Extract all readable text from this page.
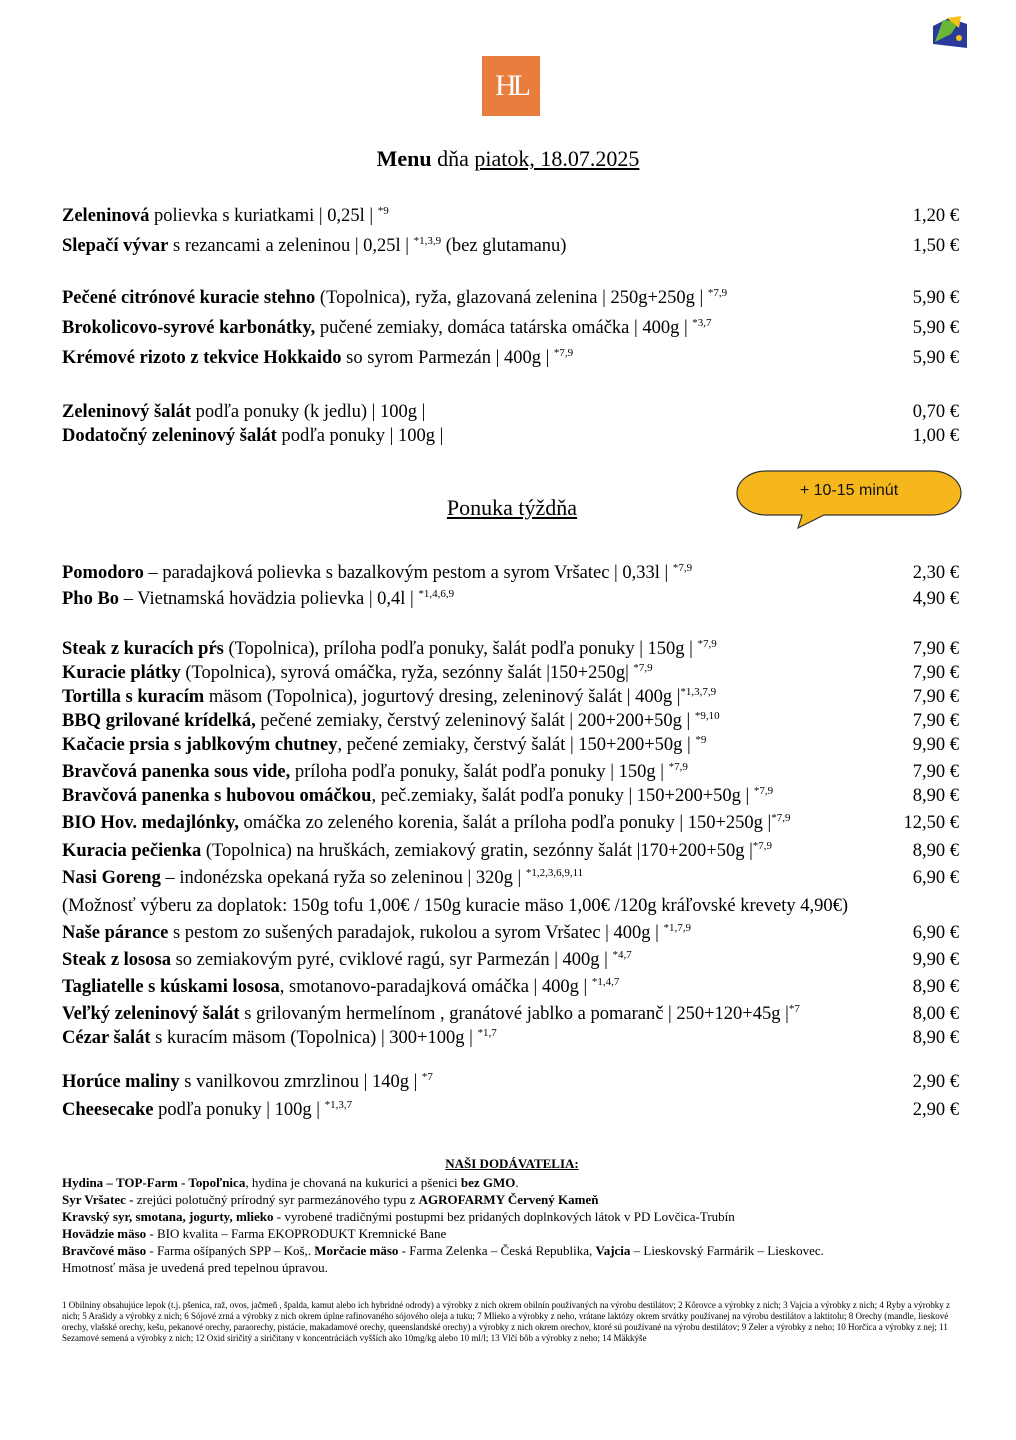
HL
Menu dňa piatok, 18.07.2025
Zeleninová polievka s kuriatkami | 0,25l | $^{*9}$	1,20 €
Slepačí vývar s rezancami a zeleninou | 0,25l | $^{*1,3,9}$ (bez glutamanu)	1,50 €
Pečené citrónové kuracie stehno (Topolnica), ryža, glazovaná zelenina | 250g+250g | $^{*7,9}$	5,90 €
Brokolicovo-syrové karbonátky, pučené zemiaky, domáca tatárska omáčka | 400g | $^{*3,7}$	5,90 €
Krémové rizoto z tekvice Hokkaido so syrom Parmezán | 400g | $^{*7,9}$	5,90 €
Zeleninový šalát podľa ponuky (k jedlu) | 100g |	0,70 €
Dodatočný zeleninový šalát podľa ponuky | 100g |	1,00 €
Pomodoro – paradajková polievka s bazalkovým pestom a syrom Vršatec | 0,33l | $^{*7,9}$	2,30 €
Pho Bo – Vietnamská hovädzia polievka | 0,4l | $^{*1,4,6,9}$	4,90 €
Steak z kuracích pŕs (Topolnica), príloha podľa ponuky, šalát podľa ponuky | 150g | $^{*7,9}$	7,90 €
Kuracie plátky (Topolnica), syrová omáčka, ryža, sezónny šalát |150+250g| $^{*7,9}$	7,90 €
Tortilla s kuracím mäsom (Topolnica), jogurtový dresing, zeleninový šalát | 400g $|^{*1,3,7,9}$	7,90 €
BBQ grilované krídelká, pečené zemiaky, čerstvý zeleninový šalát | 200+200+50g | $^{*9,10}$	7,90 €
Kačacie prsia s jablkovým chutney, pečené zemiaky, čerstvý šalát | 150+200+50g | $^{*9}$	9,90 €
Bravčová panenka sous vide, príloha podľa ponuky, šalát podľa ponuky | 150g | $^{*7,9}$	7,90 €
Bravčová panenka s hubovou omáčkou, peč.zemiaky, šalát podľa ponuky | 150+200+50g | $^{*7,9}$	8,90 €
BIO Hov. medajlónky, omáčka zo zeleného korenia, šalát a príloha podľa ponuky | 150+250g $|^{*7,9}$	12,50 €
Kuracia pečienka (Topolnica) na hruškách, zemiakový gratin, sezónny šalát |170+200+50g $|^{*7,9}$	8,90 €
Nasi Goreng – indonézska opekaná ryža so zeleninou | 320g | $^{*1,2,3,6,9,11}$	6,90 €
Naše párance s pestom zo sušených paradajok, rukolou a syrom Vršatec | 400g | $^{*1,7,9}$	6,90 €
Steak z lososa so zemiakovým pyré, cviklové ragú, syr Parmezán | 400g | $^{*4,7}$	9,90 €
Tagliatelle s kúskami lososa, smotanovo-paradajková omáčka | 400g | $^{*1,4,7}$	8,90 €
Veľký zeleninový šalát s grilovaným hermelínom , granátové jablko a pomaranč | 250+120+45g $|^{*7}$	8,00 €
Cézar šalát s kuracím mäsom (Topolnica) | 300+100g | $^{*1,7}$	8,90 €
Horúce maliny s vanilkovou zmrzlinou | 140g | $^{*7}$	2,90 €
Cheesecake podľa ponuky | 100g | $^{*1,3,7}$	2,90 €
+ 10-15 minút
Ponuka týždňa
(Možnosť výberu za doplatok: 150g tofu 1,00€ / 150g kuracie mäso 1,00€ /120g kráľovské krevety 4,90€)
NAŠI DODÁVATELIA:
Hydina – TOP-Farm - Topoľnica, hydina je chovaná na kukurici a pšenici bez GMO.
Syr Vršatec - zrejúci polotučný prírodný syr parmezánového typu z AGROFARMY Červený Kameň
Kravský syr, smotana, jogurty, mlieko - vyrobené tradičnými postupmi bez pridaných doplnkových látok v PD Lovčica-Trubín
Hovädzie mäso - BIO kvalita – Farma EKOPRODUKT Kremnické Bane
Bravčové mäso - Farma ošípaných SPP – Koš,. Morčacie mäso - Farma Zelenka – Česká Republika, Vajcia – Lieskovský Farmárik – Lieskovec.
Hmotnosť mäsa je uvedená pred tepelnou úpravou.
1 Obilniny obsahujúce lepok (t.j. pšenica, raž, ovos, jačmeň , špalda, kamut alebo ich hybridné odrody) a výrobky z nich okrem obilnín používaných na výrobu destilátov; 2 Kôrovce a výrobky z nich; 3 Vajcia a výrobky z nich; 4 Ryby a výrobky z nich; 5 Arašidy a výrobky z nich; 6 Sójové zrná a výrobky z nich okrem úplne rafinovaného sójového oleja a tuku; 7 Mlieko a výrobky z neho, vrátane laktózy okrem srvátky používanej na výrobu destilátov a laktitolu; 8 Orechy (mandle, lieskové orechy, vlašské orechy, kešu, pekanové orechy, paraorechy, pistácie, makadamové orechy, queenslandské orechy) a výrobky z nich okrem orechov, ktoré sú používané na výrobu destilátov; 9 Zeler a výrobky z neho; 10 Horčica a výrobky z nej; 11 Sezamové semená a výrobky z nich; 12 Oxid siričitý a siričitany v koncentráciách vyšších ako 10mg/kg alebo 10 ml/l; 13 Vlčí bôb a výrobky z neho; 14 Mäkkýše
